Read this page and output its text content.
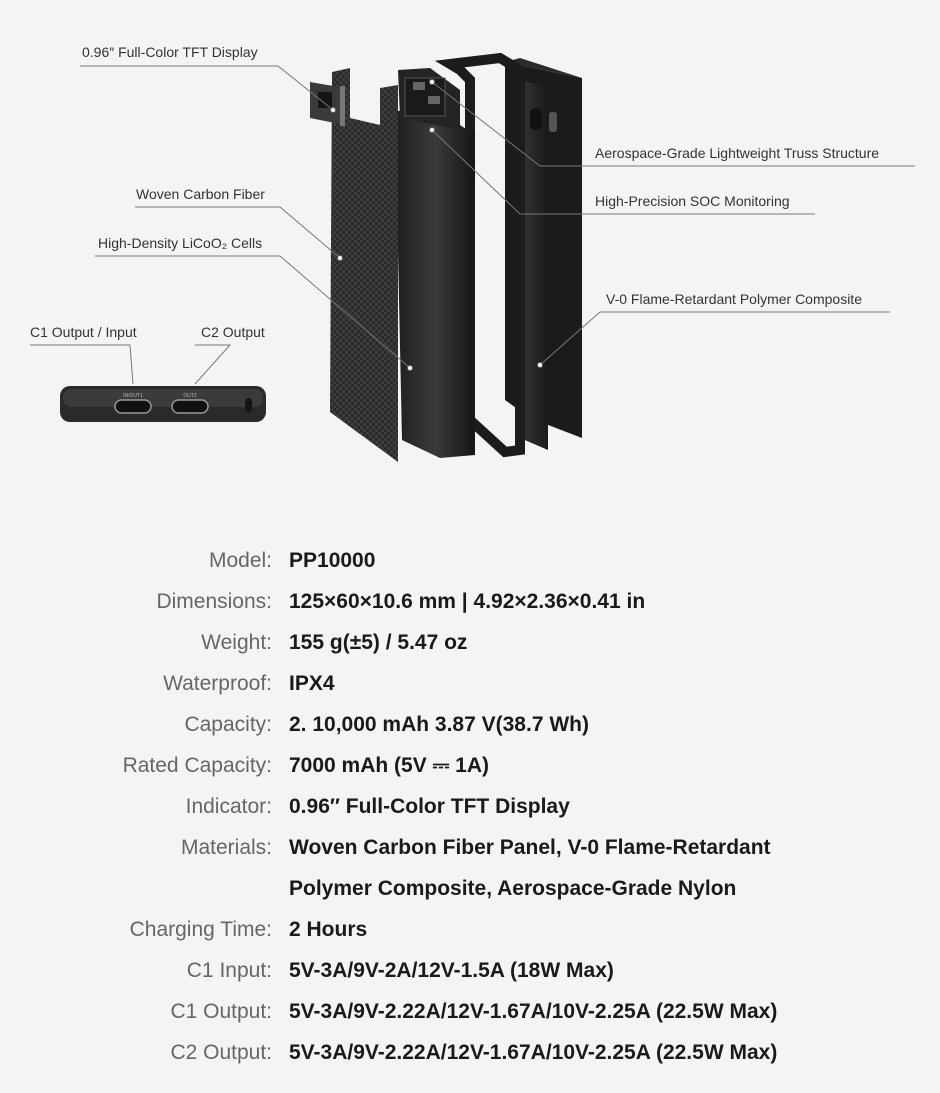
IN/OUT1	OUT2
0.96″ Full-Color TFT Display
Woven Carbon Fiber
High-Density LiCoO₂ Cells
C1 Output / Input	C2 Output
Aerospace-Grade Lightweight Truss Structure
High-Precision SOC Monitoring
V-0 Flame-Retardant Polymer Composite
Model: PP10000
Dimensions: 125×60×10.6 mm | 4.92×2.36×0.41 in
Weight: 155 g(±5) / 5.47 oz
Waterproof: IPX4
Capacity: 2. 10,000 mAh 3.87 V(38.7 Wh)
Rated Capacity: 7000 mAh (5V ⎓ 1A)
Indicator: 0.96″ Full-Color TFT Display
Materials: Woven Carbon Fiber Panel, V-0 Flame-Retardant
Polymer Composite, Aerospace-Grade Nylon
Charging Time: 2 Hours
C1 Input: 5V-3A/9V-2A/12V-1.5A (18W Max)
C1 Output: 5V-3A/9V-2.22A/12V-1.67A/10V-2.25A (22.5W Max)
C2 Output: 5V-3A/9V-2.22A/12V-1.67A/10V-2.25A (22.5W Max)
